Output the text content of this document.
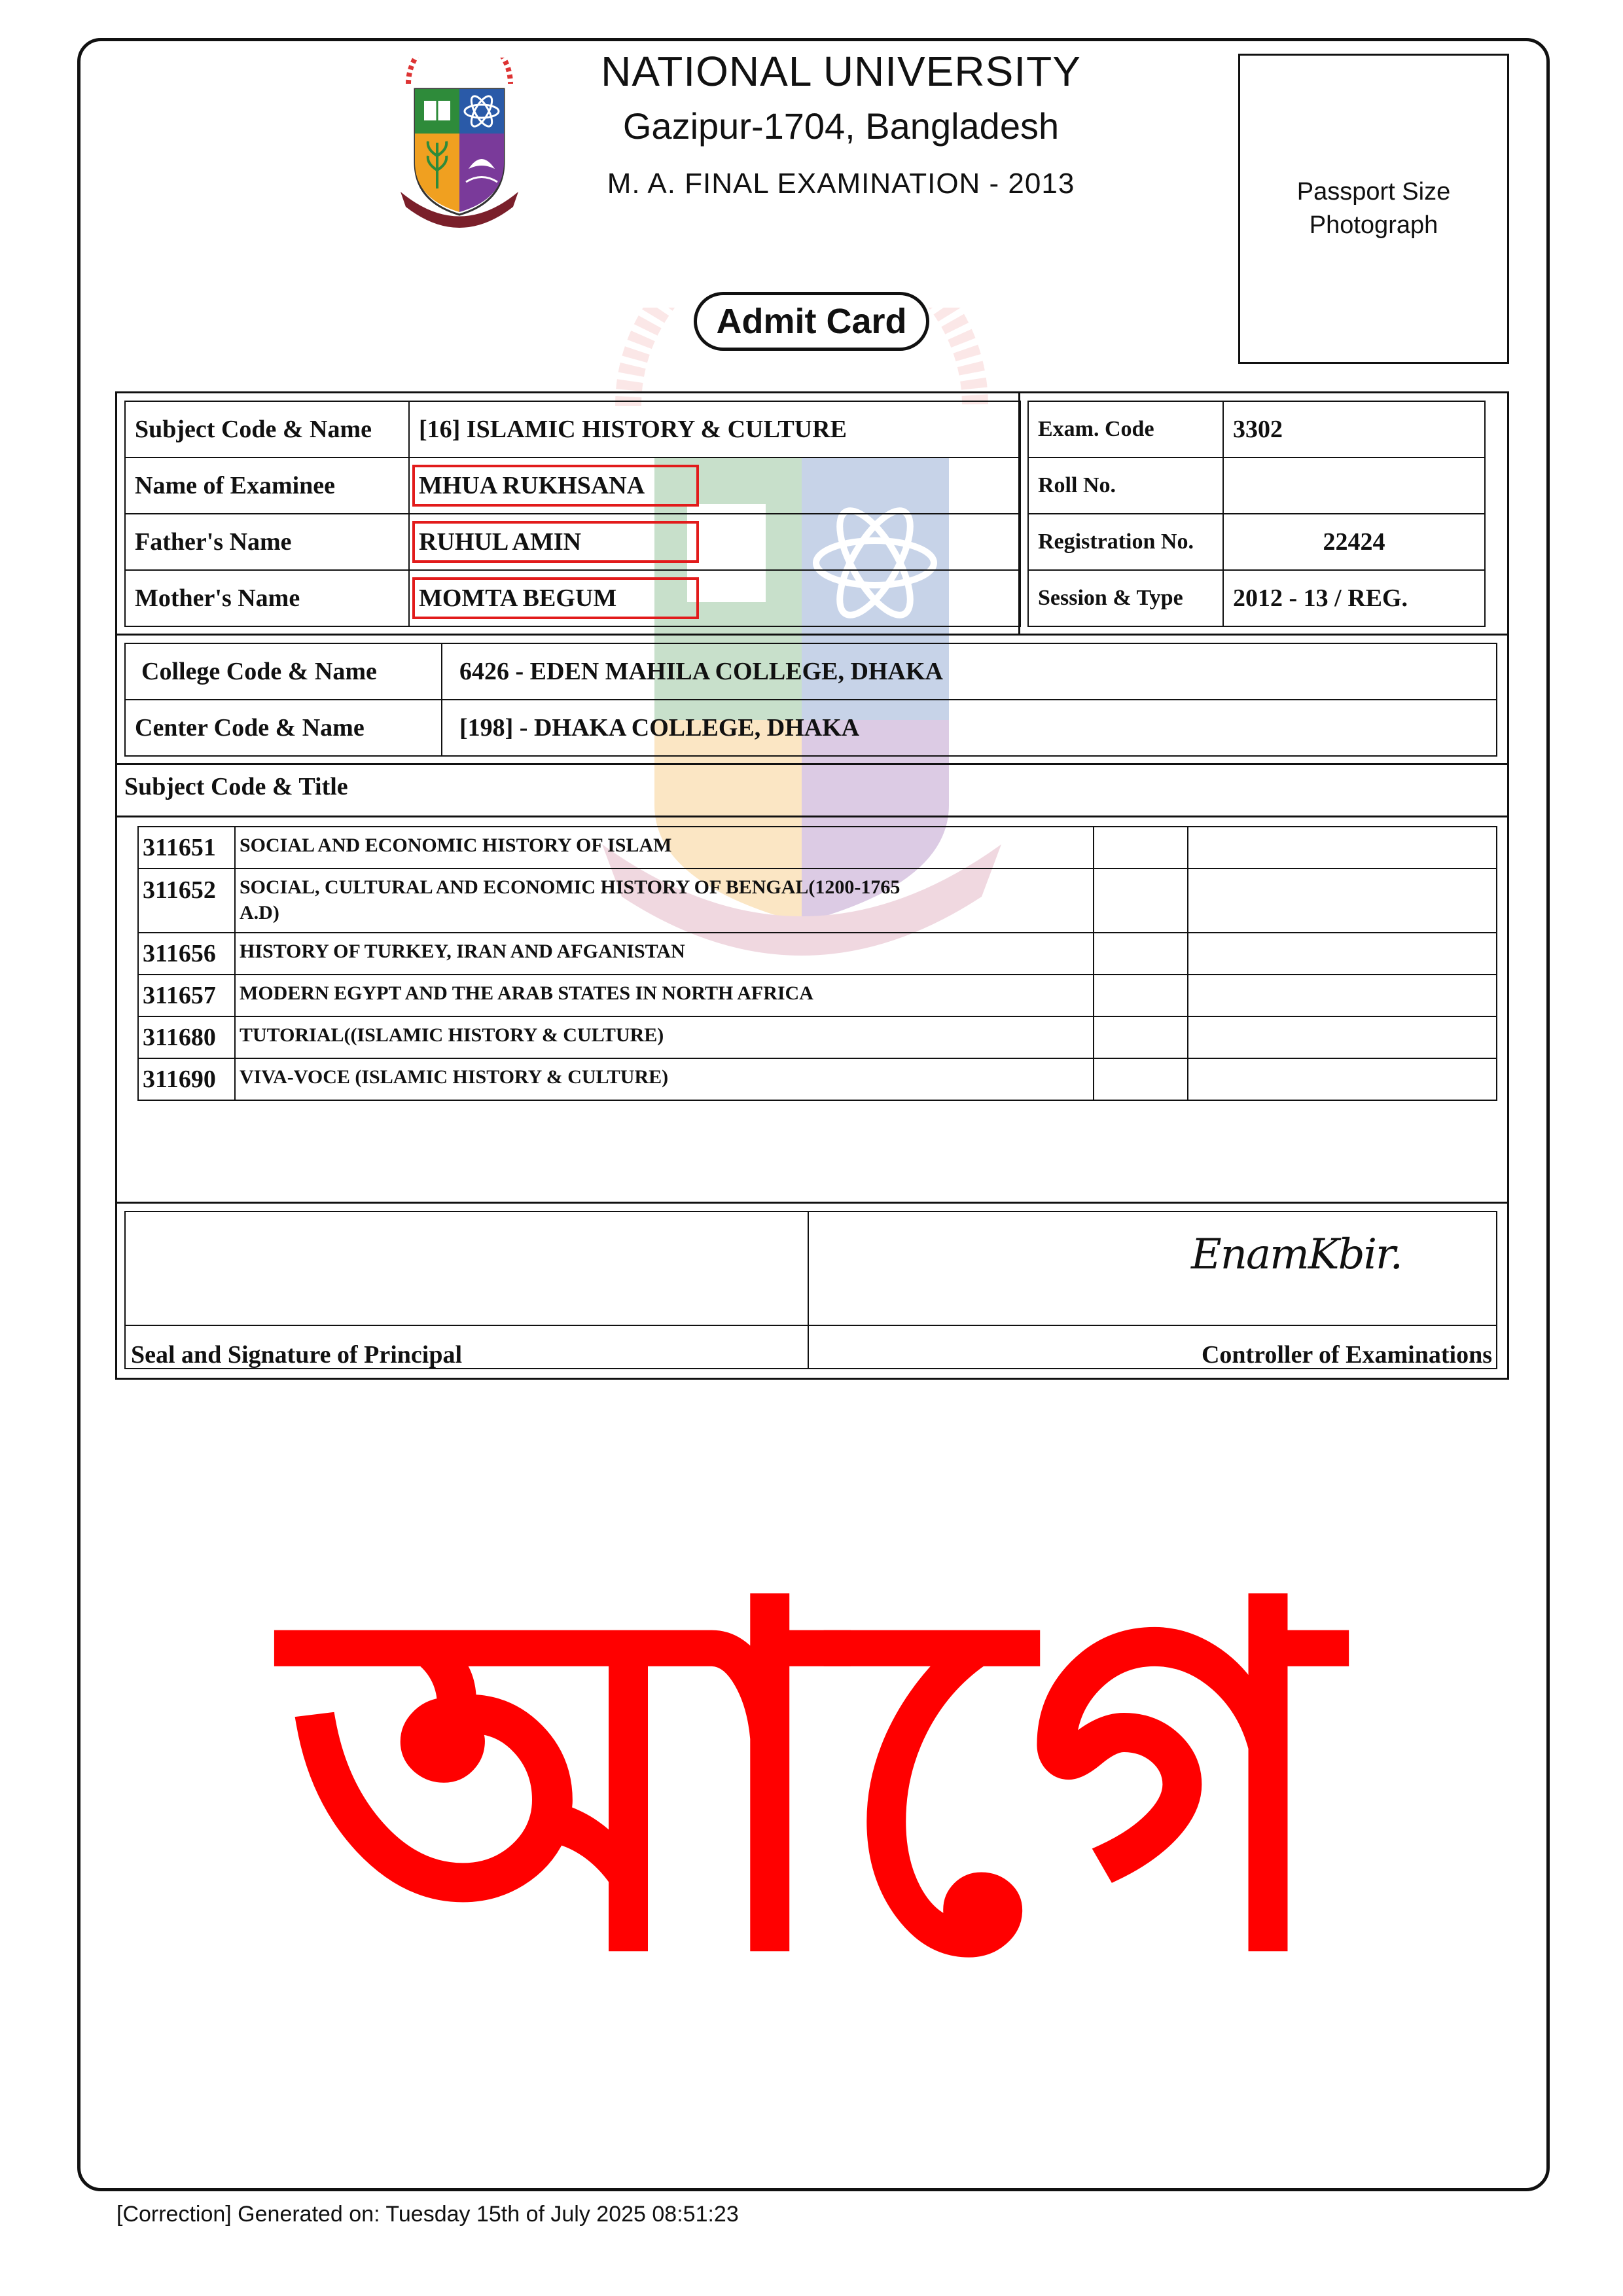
NATIONAL UNIVERSITY
Gazipur-1704, Bangladesh
M. A. FINAL EXAMINATION - 2013	Passport Size Photograph
Admit Card
Subject Code & Name	[16] ISLAMIC HISTORY & CULTURE
Name of Examinee	MHUA RUKHSANA
Father's Name	RUHUL AMIN
Mother's Name	MOMTA BEGUM
Exam. Code	3302
Roll No.
Registration No.	22424
Session & Type	2012 - 13 / REG.
College Code & Name	6426 - EDEN MAHILA COLLEGE, DHAKA
Center Code & Name	[198] - DHAKA COLLEGE, DHAKA
Subject Code & Title
311651	SOCIAL AND ECONOMIC HISTORY OF ISLAM
311652	SOCIAL, CULTURAL AND ECONOMIC HISTORY OF BENGAL(1200-1765 A.D)
311656	HISTORY OF TURKEY, IRAN AND AFGANISTAN
311657	MODERN EGYPT AND THE ARAB STATES IN NORTH AFRICA
311680	TUTORIAL((ISLAMIC HISTORY & CULTURE)
311690	VIVA-VOCE (ISLAMIC HISTORY & CULTURE)
EnamKbir.
Seal and Signature of Principal	Controller of Examinations
আগে
[Correction] Generated on: Tuesday 15th of July 2025 08:51:23
